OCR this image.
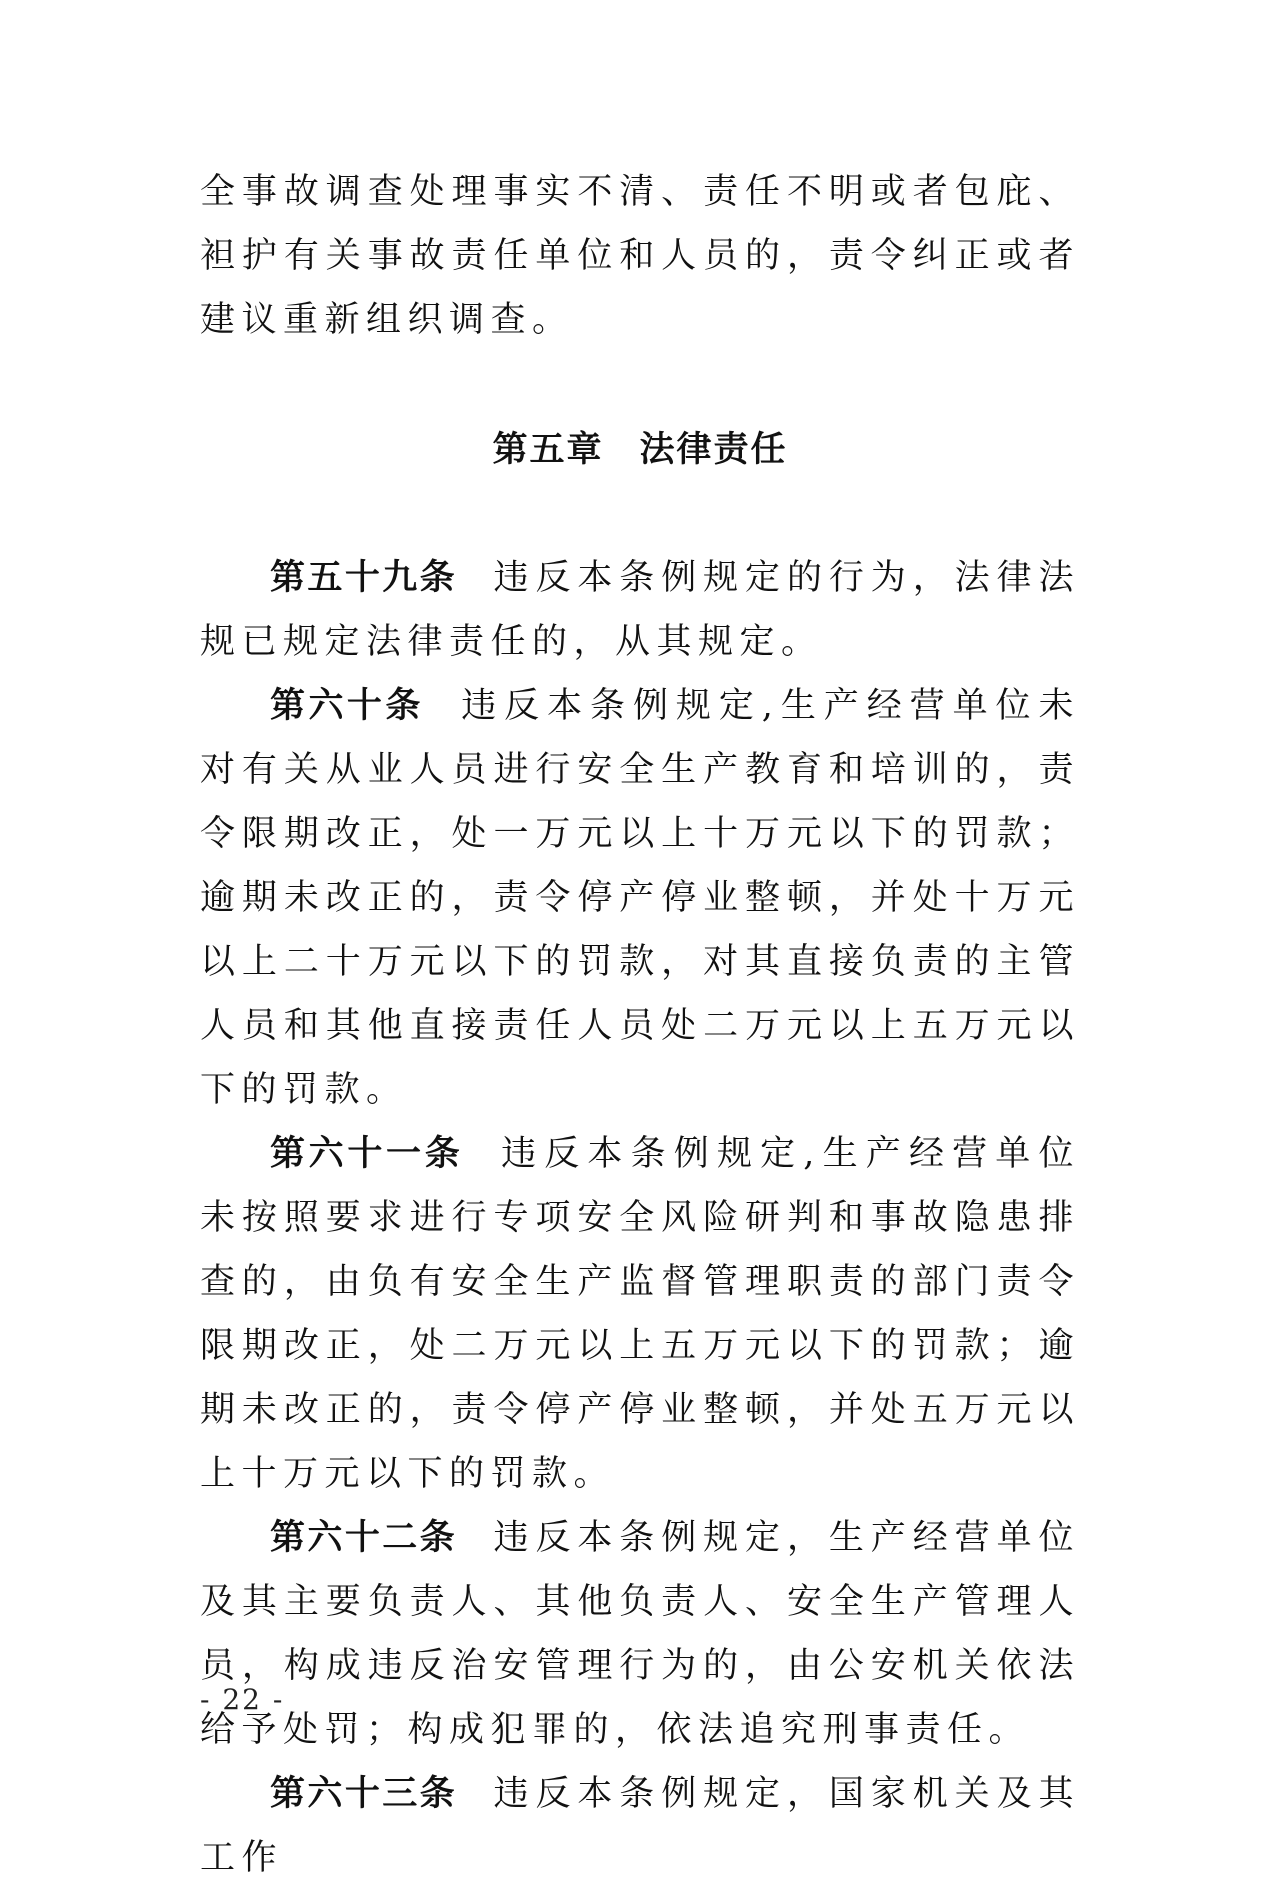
全事故调查处理事实不清、责任不明或者包庇、袒护有关事故责任单位和人员的，责令纠正或者建议重新组织调查。

第五章 法律责任

第五十九条 违反本条例规定的行为，法律法规已规定法律责任的，从其规定。

第六十条 违反本条例规定,生产经营单位未对有关从业人员进行安全生产教育和培训的，责令限期改正，处一万元以上十万元以下的罚款；逾期未改正的，责令停产停业整顿，并处十万元以上二十万元以下的罚款，对其直接负责的主管人员和其他直接责任人员处二万元以上五万元以下的罚款。

第六十一条 违反本条例规定,生产经营单位未按照要求进行专项安全风险研判和事故隐患排查的，由负有安全生产监督管理职责的部门责令限期改正，处二万元以上五万元以下的罚款；逾期未改正的，责令停产停业整顿，并处五万元以上十万元以下的罚款。

第六十二条 违反本条例规定，生产经营单位及其主要负责人、其他负责人、安全生产管理人员，构成违反治安管理行为的，由公安机关依法给予处罚；构成犯罪的，依法追究刑事责任。

第六十三条 违反本条例规定，国家机关及其工作

- 22 -
